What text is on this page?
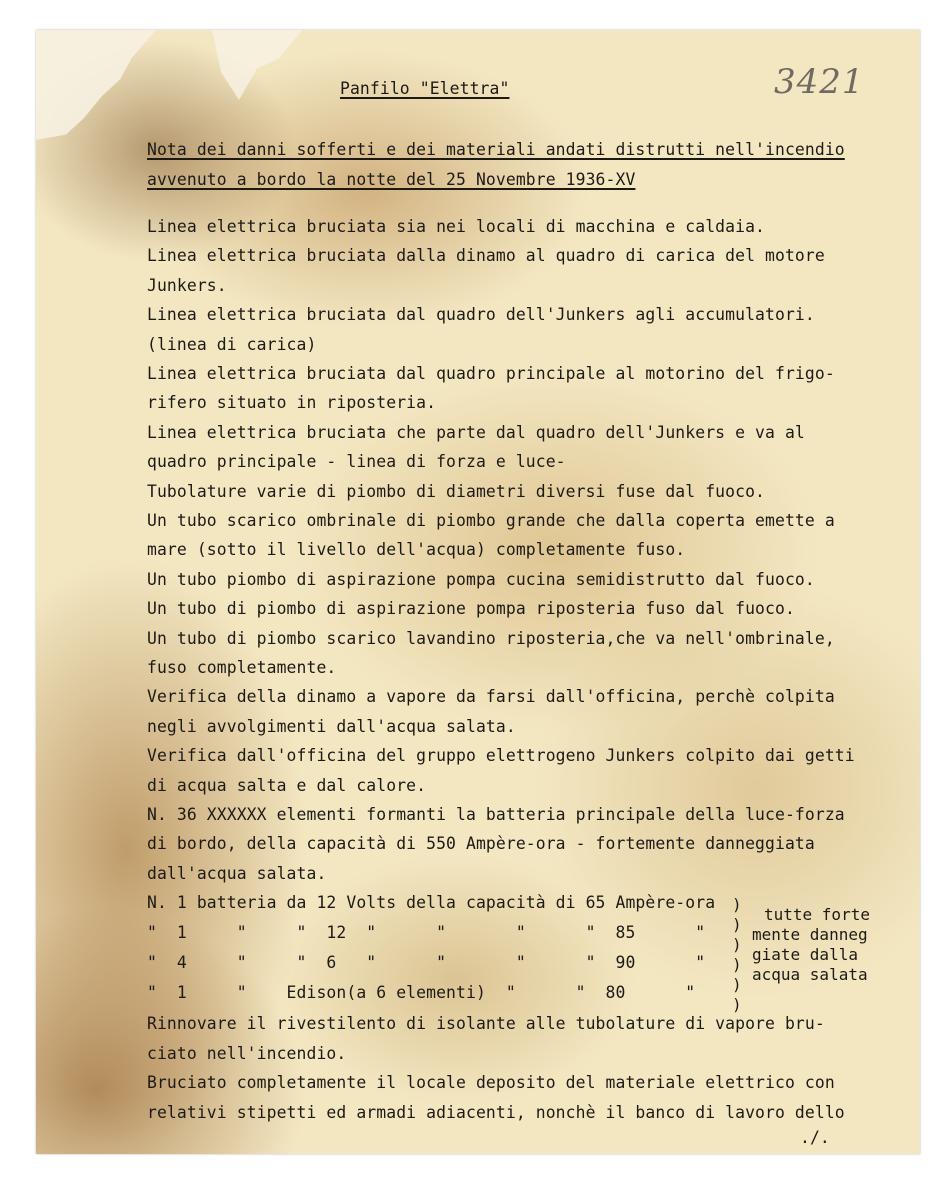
3421
Panfilo "Elettra"
Nota dei danni sofferti e dei materiali andati distrutti nell'incendio
avvenuto a bordo la notte del 25 Novembre 1936-XV
Linea elettrica bruciata sia nei locali di macchina e caldaia.
Linea elettrica bruciata dalla dinamo al quadro di carica del motore
Junkers.
Linea elettrica bruciata dal quadro dell'Junkers agli accumulatori.
(linea di carica)
Linea elettrica bruciata dal quadro principale al motorino del frigo-
rifero situato in riposteria.
Linea elettrica bruciata che parte dal quadro dell'Junkers e va al
quadro principale - linea di forza e luce-
Tubolature varie di piombo di diametri diversi fuse dal fuoco.
Un tubo scarico ombrinale di piombo grande che dalla coperta emette a
mare (sotto il livello dell'acqua) completamente fuso.
Un tubo piombo di aspirazione pompa cucina semidistrutto dal fuoco.
Un tubo di piombo di aspirazione pompa riposteria fuso dal fuoco.
Un tubo di piombo scarico lavandino riposteria,che va nell'ombrinale,
fuso completamente.
Verifica della dinamo a vapore da farsi dall'officina, perchè colpita
negli avvolgimenti dall'acqua salata.
Verifica dall'officina del gruppo elettrogeno Junkers colpito dai getti
di acqua salta e dal calore.
N. 36 XXXXXX elementi formanti la batteria principale della luce-forza
di bordo, della capacità di 550 Ampère-ora - fortemente danneggiata
dall'acqua salata.
N. 1 batteria da 12 Volts della capacità di 65 Ampère-ora
"  1     "     "  12  "      "       "      "  85      "
"  4     "     "  6   "      "       "      "  90      "
"  1     "    Edison(a 6 elementi)  "      "  80      "
)
)
)
)
)
)
tutte forte
mente danneg
giate dalla
acqua salata
Rinnovare il rivestilento di isolante alle tubolature di vapore bru-
ciato nell'incendio.
Bruciato completamente il locale deposito del materiale elettrico con
relativi stipetti ed armadi adiacenti, nonchè il banco di lavoro dello
./.
